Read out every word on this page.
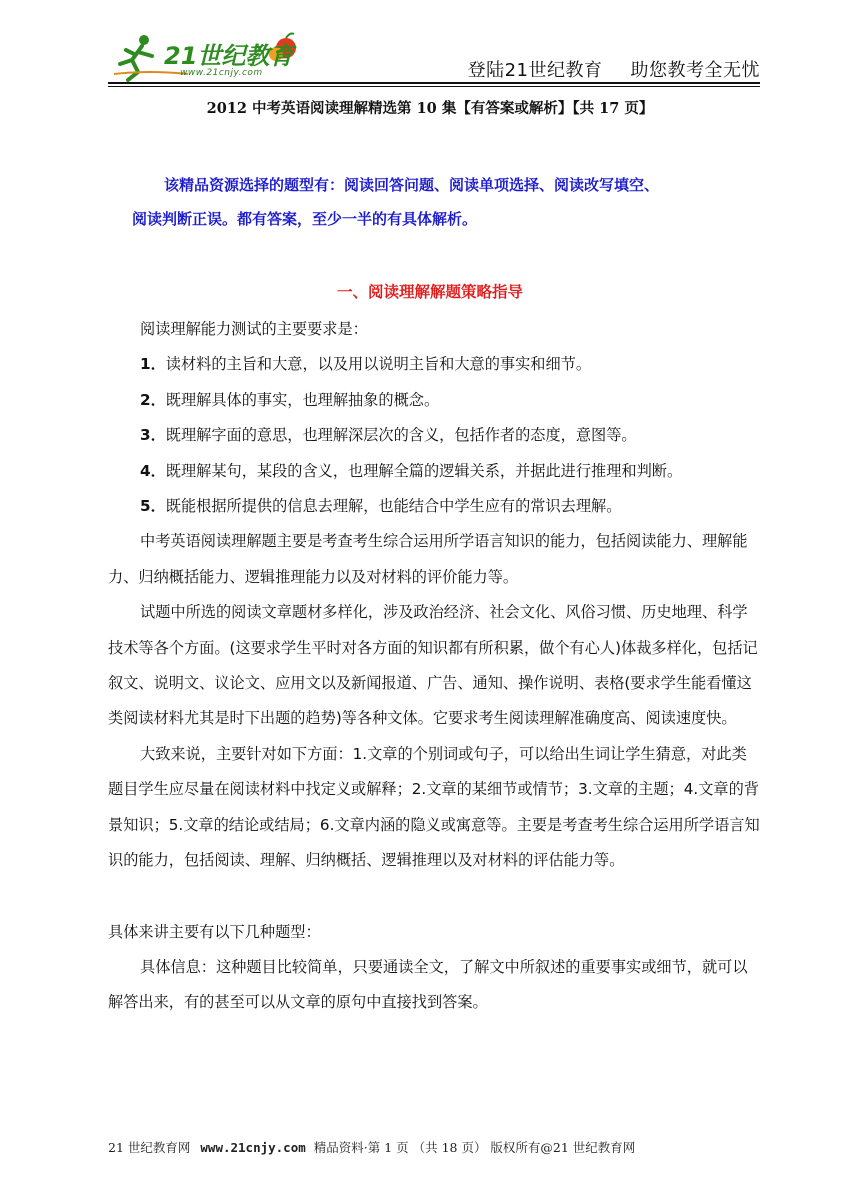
21世纪教育
www.21cnjy.com	登陆21世纪教育 助您教考全无忧
2012 中考英语阅读理解精选第 10 集【有答案或解析】【共 17 页】
该精品资源选择的题型有：阅读回答问题、阅读单项选择、阅读改写填空、
阅读判断正误。都有答案，至少一半的有具体解析。
一、阅读理解解题策略指导

阅读理解能力测试的主要要求是：

1．读材料的主旨和大意，以及用以说明主旨和大意的事实和细节。

2．既理解具体的事实，也理解抽象的概念。

3．既理解字面的意思，也理解深层次的含义，包括作者的态度，意图等。

4．既理解某句，某段的含义，也理解全篇的逻辑关系，并据此进行推理和判断。

5．既能根据所提供的信息去理解，也能结合中学生应有的常识去理解。

中考英语阅读理解题主要是考查考生综合运用所学语言知识的能力，包括阅读能力、理解能力、归纳概括能力、逻辑推理能力以及对材料的评价能力等。

试题中所选的阅读文章题材多样化，涉及政治经济、社会文化、风俗习惯、历史地理、科学技术等各个方面。(这要求学生平时对各方面的知识都有所积累，做个有心人)体裁多样化，包括记叙文、说明文、议论文、应用文以及新闻报道、广告、通知、操作说明、表格(要求学生能看懂这类阅读材料尤其是时下出题的趋势)等各种文体。它要求考生阅读理解准确度高、阅读速度快。

大致来说，主要针对如下方面：1.文章的个别词或句子，可以给出生词让学生猜意，对此类题目学生应尽量在阅读材料中找定义或解释；2.文章的某细节或情节；3.文章的主题；4.文章的背景知识；5.文章的结论或结局；6.文章内涵的隐义或寓意等。主要是考查考生综合运用所学语言知识的能力，包括阅读、理解、归纳概括、逻辑推理以及对材料的评估能力等。

具体来讲主要有以下几种题型：

具体信息：这种题目比较简单，只要通读全文，了解文中所叙述的重要事实或细节，就可以解答出来，有的甚至可以从文章的原句中直接找到答案。

21 世纪教育网 www.21cnjy.com 精品资料·第 1 页 （共 18 页） 版权所有@21 世纪教育网
